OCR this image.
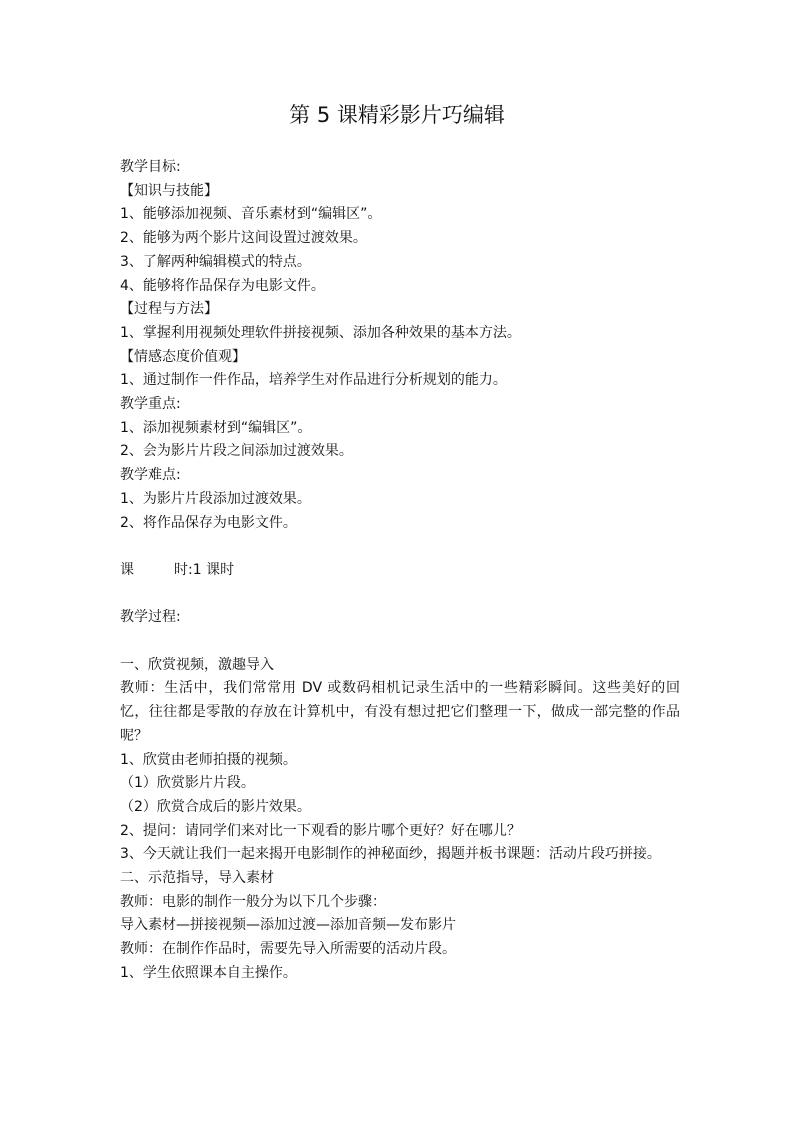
第 5 课精彩影片巧编辑
教学目标:
【知识与技能】
1、能够添加视频、音乐素材到“编辑区”。
2、能够为两个影片这间设置过渡效果。
3、了解两种编辑模式的特点。
4、能够将作品保存为电影文件。
【过程与方法】
1、掌握利用视频处理软件拼接视频、添加各种效果的基本方法。
【情感态度价值观】
1、通过制作一件作品，培养学生对作品进行分析规划的能力。
教学重点:
1、添加视频素材到“编辑区”。
2、会为影片片段之间添加过渡效果。
教学难点:
1、为影片片段添加过渡效果。
2、将作品保存为电影文件。
课	时:1 课时
教学过程:
一、欣赏视频，激趣导入
教师：生活中，我们常常用 DV 或数码相机记录生活中的一些精彩瞬间。这些美好的回忆，往往都是零散的存放在计算机中，有没有想过把它们整理一下，做成一部完整的作品呢？
1、欣赏由老师拍摄的视频。
（1）欣赏影片片段。
（2）欣赏合成后的影片效果。
2、提问：请同学们来对比一下观看的影片哪个更好？好在哪儿？
3、今天就让我们一起来揭开电影制作的神秘面纱，揭题并板书课题：活动片段巧拼接。
二、示范指导，导入素材
教师：电影的制作一般分为以下几个步骤：
导入素材—拼接视频—添加过渡—添加音频—发布影片
教师：在制作作品时，需要先导入所需要的活动片段。
1、学生依照课本自主操作。
